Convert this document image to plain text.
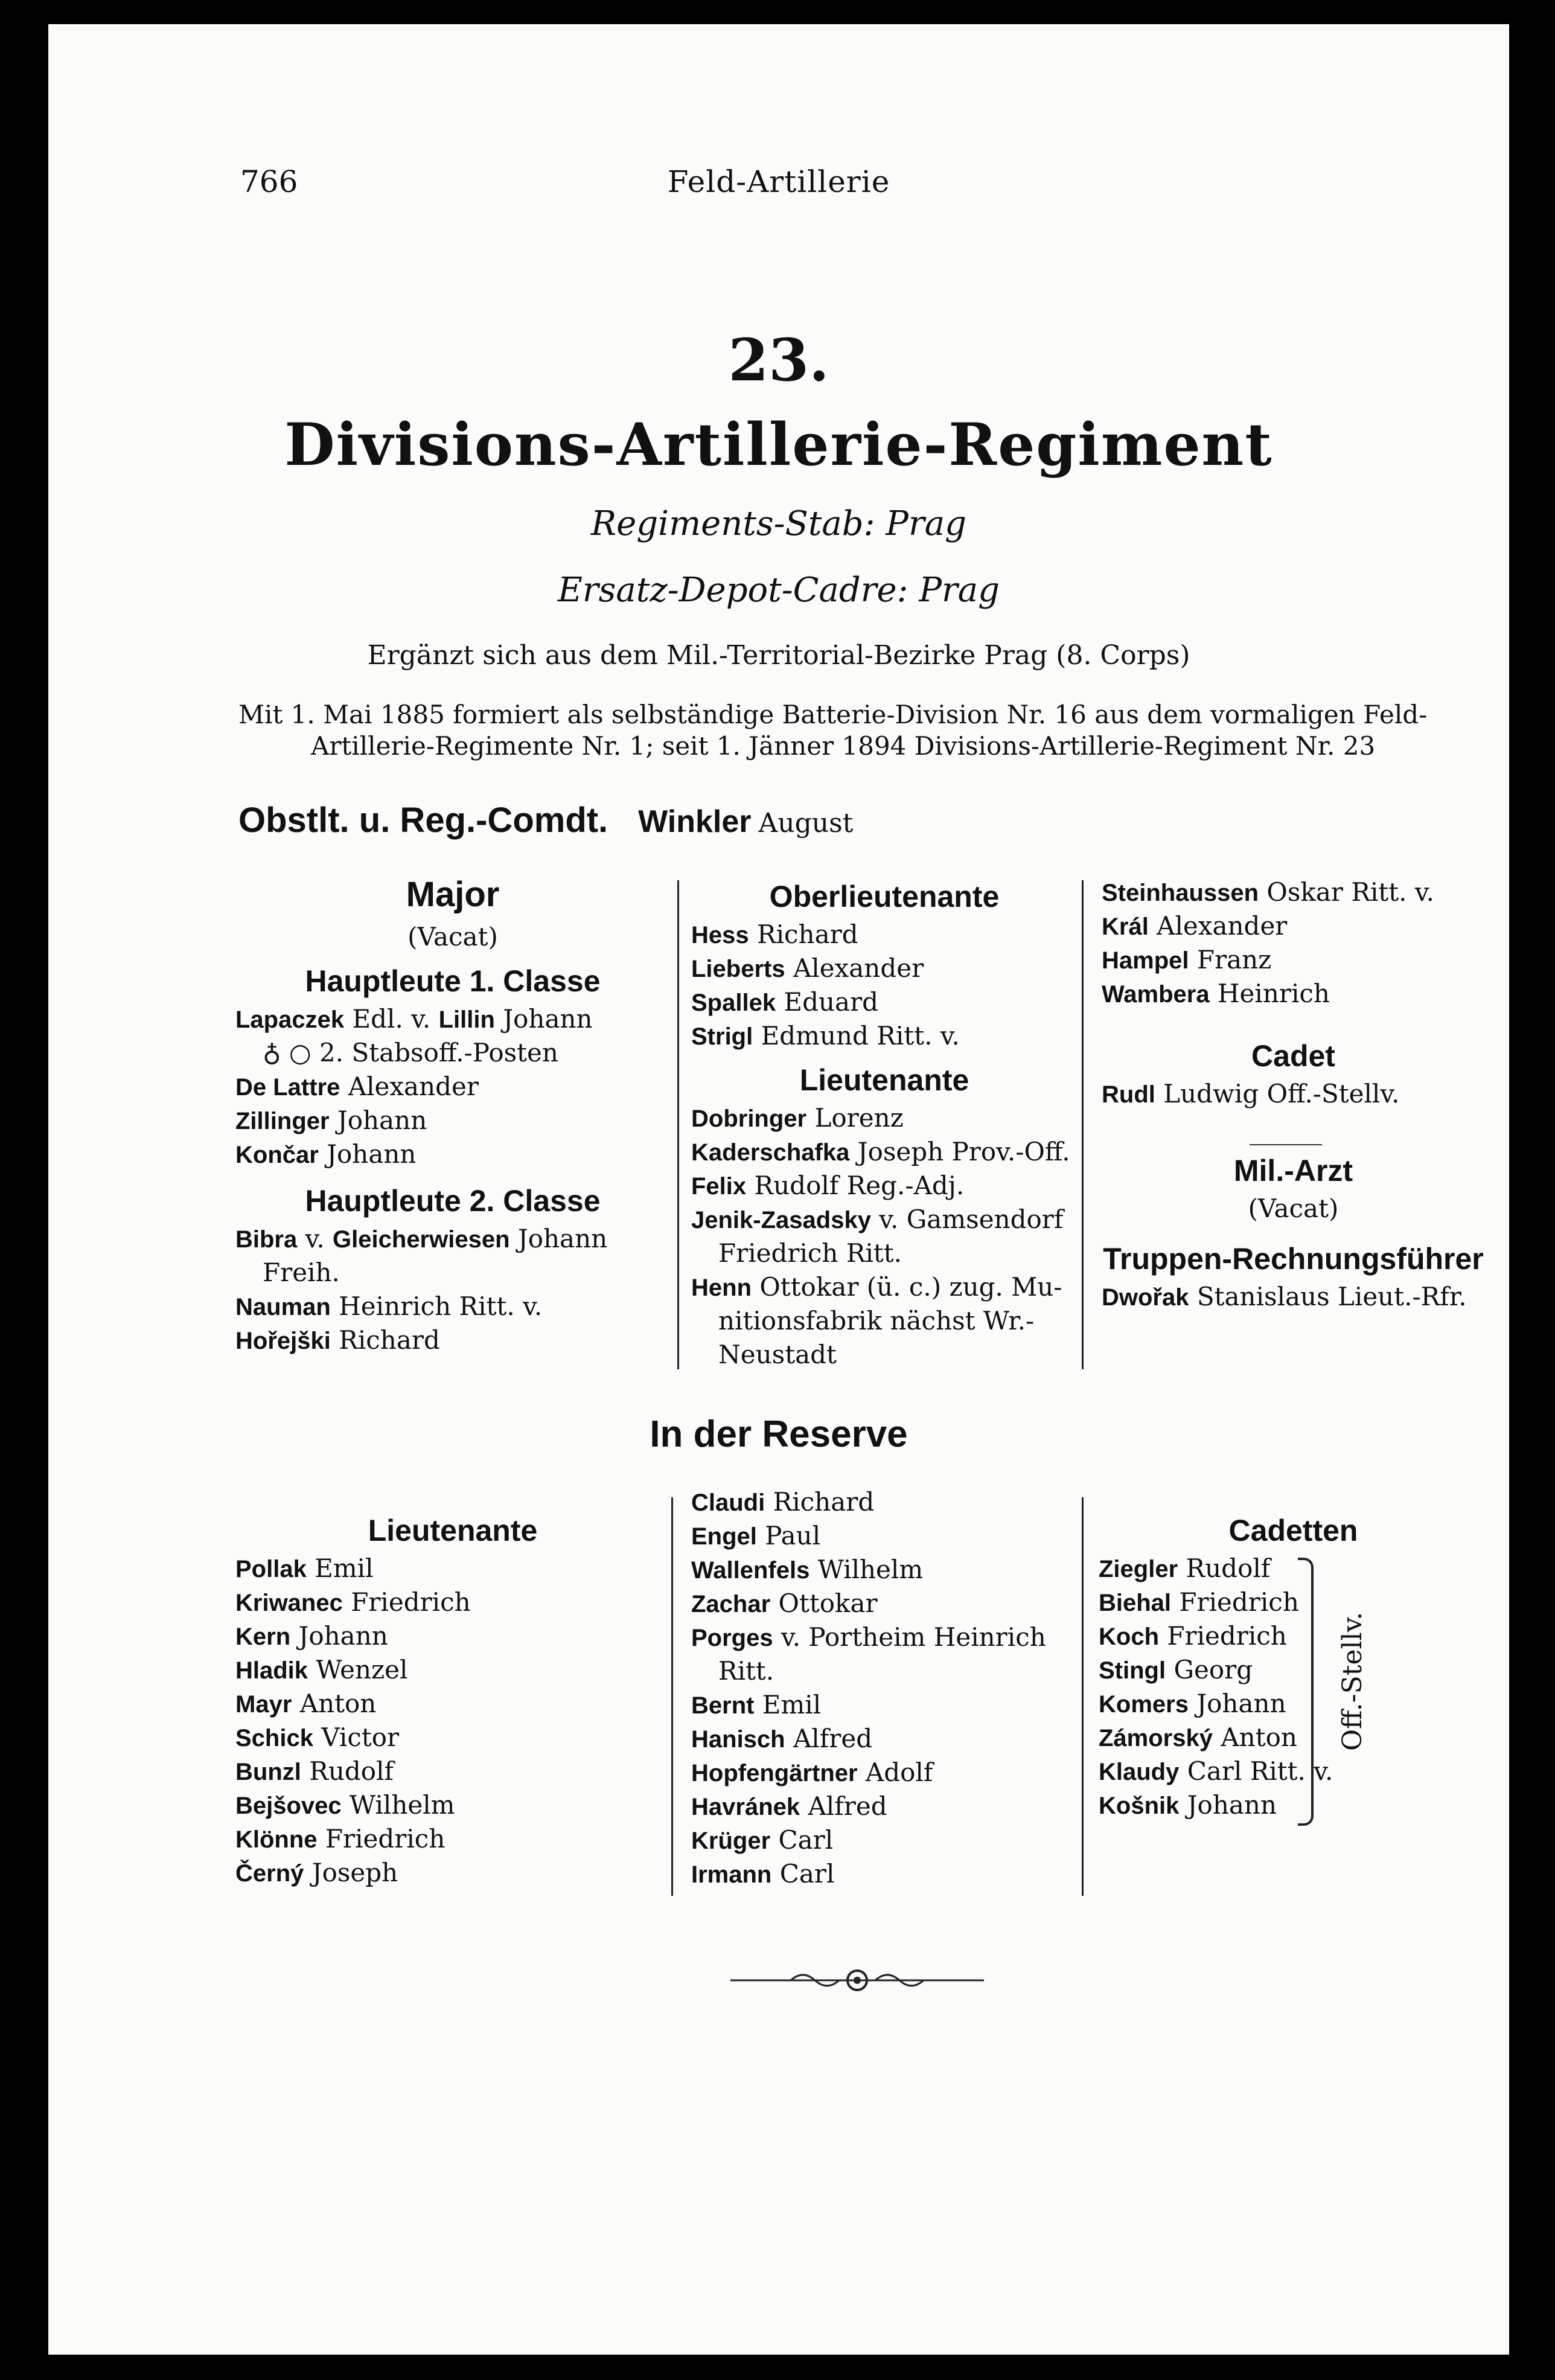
766	Feld-Artillerie
23.
Divisions-Artillerie-Regiment
Regiments-Stab: Prag
Ersatz-Depot-Cadre: Prag
Ergänzt sich aus dem Mil.-Territorial-Bezirke Prag (8. Corps)
Mit 1. Mai 1885 formiert als selbständige Batterie-Division Nr. 16 aus dem vormaligen Feld-
Artillerie-Regimente Nr. 1; seit 1. Jänner 1894 Divisions-Artillerie-Regiment Nr. 23
Obstlt. u. Reg.-Comdt. Winkler August
Major
(Vacat)
Hauptleute 1. Classe
Lapaczek Edl. v. Lillin Johann
♁ ○ 2. Stabsoff.-Posten
De Lattre Alexander
Zillinger Johann
Končar Johann
Hauptleute 2. Classe
Bibra v. Gleicherwiesen Johann
Freih.
Nauman Heinrich Ritt. v.
Hořejški Richard
Oberlieutenante
Hess Richard
Lieberts Alexander
Spallek Eduard
Strigl Edmund Ritt. v.
Lieutenante
Dobringer Lorenz
Kaderschafka Joseph Prov.-Off.
Felix Rudolf Reg.-Adj.
Jenik-Zasadsky v. Gamsendorf
Friedrich Ritt.
Henn Ottokar (ü. c.) zug. Mu-
nitionsfabrik nächst Wr.-
Neustadt
Steinhaussen Oskar Ritt. v.
Král Alexander
Hampel Franz
Wambera Heinrich
Cadet
Rudl Ludwig Off.-Stellv.
Mil.-Arzt
(Vacat)
Truppen-Rechnungsführer
Dwořak Stanislaus Lieut.-Rfr.
In der Reserve
Lieutenante
Pollak Emil
Kriwanec Friedrich
Kern Johann
Hladik Wenzel
Mayr Anton
Schick Victor
Bunzl Rudolf
Bejšovec Wilhelm
Klönne Friedrich
Černý Joseph
Claudi Richard
Engel Paul
Wallenfels Wilhelm
Zachar Ottokar
Porges v. Portheim Heinrich
Ritt.
Bernt Emil
Hanisch Alfred
Hopfengärtner Adolf
Havránek Alfred
Krüger Carl
Irmann Carl
Cadetten
Ziegler Rudolf
Biehal Friedrich
Koch Friedrich
Stingl Georg
Komers Johann
Zámorský Anton
Klaudy Carl Ritt. v.
Košnik Johann
Off.-Stellv.
